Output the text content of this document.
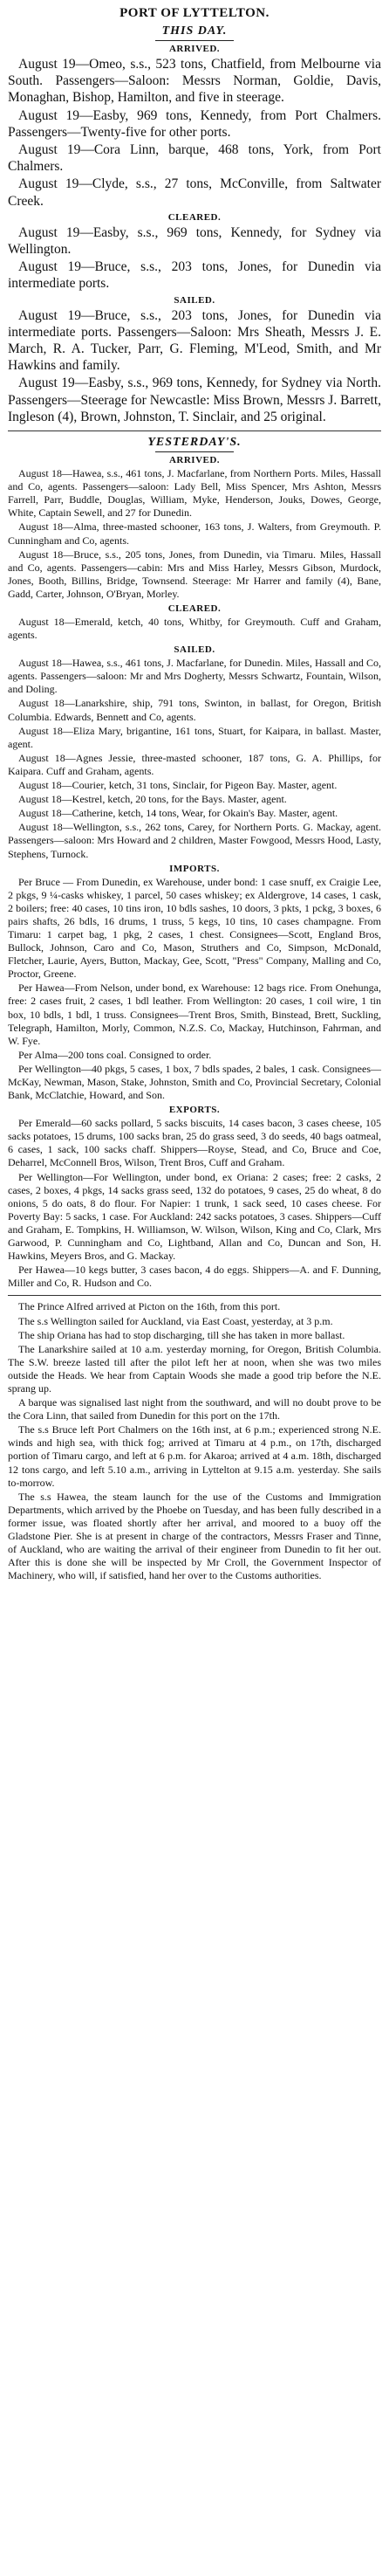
PORT OF LYTTELTON.
THIS DAY.
ARRIVED.
August 19—Omeo, s.s., 523 tons, Chatfield, from Melbourne via South. Passengers—Saloon: Messrs Norman, Goldie, Davis, Monaghan, Bishop, Hamilton, and five in steerage.
August 19—Easby, 969 tons, Kennedy, from Port Chalmers. Passengers—Twenty-five for other ports.
August 19—Cora Linn, barque, 468 tons, York, from Port Chalmers.
August 19—Clyde, s.s., 27 tons, McConville, from Saltwater Creek.
CLEARED.
August 19—Easby, s.s., 969 tons, Kennedy, for Sydney via Wellington.
August 19—Bruce, s.s., 203 tons, Jones, for Dunedin via intermediate ports.
SAILED.
August 19—Bruce, s.s., 203 tons, Jones, for Dunedin via intermediate ports. Passengers—Saloon: Mrs Sheath, Messrs J. E. March, R. A. Tucker, Parr, G. Fleming, M'Leod, Smith, and Mr Hawkins and family.
August 19—Easby, s.s., 969 tons, Kennedy, for Sydney via North. Passengers—Steerage for Newcastle: Miss Brown, Messrs J. Barrett, Ingleson (4), Brown, Johnston, T. Sinclair, and 25 original.
YESTERDAY'S.
ARRIVED.
August 18—Hawea, s.s., 461 tons, J. Macfarlane, from Northern Ports. Miles, Hassall and Co, agents. Passengers—saloon: Lady Bell, Miss Spencer, Mrs Ashton, Messrs Farrell, Parr, Buddle, Douglas, William, Myke, Henderson, Jouks, Dowes, George, White, Captain Sewell, and 27 for Dunedin.
August 18—Alma, three-masted schooner, 163 tons, J. Walters, from Greymouth. P. Cunningham and Co, agents.
August 18—Bruce, s.s., 205 tons, Jones, from Dunedin, via Timaru. Miles, Hassall and Co, agents. Passengers—cabin: Mrs and Miss Harley, Messrs Gibson, Murdock, Jones, Booth, Billins, Bridge, Townsend. Steerage: Mr Harrer and family (4), Bane, Gadd, Carter, Johnson, O'Bryan, Morley.
CLEARED.
August 18—Emerald, ketch, 40 tons, Whitby, for Greymouth. Cuff and Graham, agents.
SAILED.
August 18—Hawea, s.s., 461 tons, J. Macfarlane, for Dunedin. Miles, Hassall and Co, agents. Passengers—saloon: Mr and Mrs Dogherty, Messrs Schwartz, Fountain, Wilson, and Doling.
August 18—Lanarkshire, ship, 791 tons, Swinton, in ballast, for Oregon, British Columbia. Edwards, Bennett and Co, agents.
August 18—Eliza Mary, brigantine, 161 tons, Stuart, for Kaipara, in ballast. Master, agent.
August 18—Agnes Jessie, three-masted schooner, 187 tons, G. A. Phillips, for Kaipara. Cuff and Graham, agents.
August 18—Courier, ketch, 31 tons, Sinclair, for Pigeon Bay. Master, agent.
August 18—Kestrel, ketch, 20 tons, for the Bays. Master, agent.
August 18—Catherine, ketch, 14 tons, Wear, for Okain's Bay. Master, agent.
August 18—Wellington, s.s., 262 tons, Carey, for Northern Ports. G. Mackay, agent. Passengers—saloon: Mrs Howard and 2 children, Master Fowgood, Messrs Hood, Lasty, Stephens, Turnock.
IMPORTS.
Per Bruce — From Dunedin, ex Warehouse, under bond: 1 case snuff, ex Craigie Lee, 2 pkgs, 9 ¼-casks whiskey, 1 parcel, 50 cases whiskey; ex Aldergrove, 14 cases, 1 cask, 2 boilers; free: 40 cases, 10 tins iron, 10 bdls sashes, 10 doors, 3 pkts, 1 pckg, 3 boxes, 6 pairs shafts, 26 bdls, 16 drums, 1 truss, 5 kegs, 10 tins, 10 cases champagne. From Timaru: 1 carpet bag, 1 pkg, 2 cases, 1 chest. Consignees—Scott, England Bros, Bullock, Johnson, Caro and Co, Mason, Struthers and Co, Simpson, McDonald, Fletcher, Laurie, Ayers, Button, Mackay, Gee, Scott, "Press" Company, Malling and Co, Proctor, Greene.
Per Hawea—From Nelson, under bond, ex Warehouse: 12 bags rice. From Onehunga, free: 2 cases fruit, 2 cases, 1 bdl leather. From Wellington: 20 cases, 1 coil wire, 1 tin box, 10 bdls, 1 bdl, 1 truss. Consignees—Trent Bros, Smith, Binstead, Brett, Suckling, Telegraph, Hamilton, Morly, Common, N.Z.S. Co, Mackay, Hutchinson, Fahrman, and W. Fye.
Per Alma—200 tons coal. Consigned to order.
Per Wellington—40 pkgs, 5 cases, 1 box, 7 bdls spades, 2 bales, 1 cask. Consignees—McKay, Newman, Mason, Stake, Johnston, Smith and Co, Provincial Secretary, Colonial Bank, McClatchie, Howard, and Son.
EXPORTS.
Per Emerald—60 sacks pollard, 5 sacks biscuits, 14 cases bacon, 3 cases cheese, 105 sacks potatoes, 15 drums, 100 sacks bran, 25 do grass seed, 3 do seeds, 40 bags oatmeal, 6 cases, 1 sack, 100 sacks chaff. Shippers—Royse, Stead, and Co, Bruce and Coe, Deharrel, McConnell Bros, Wilson, Trent Bros, Cuff and Graham.
Per Wellington—For Wellington, under bond, ex Oriana: 2 cases; free: 2 casks, 2 cases, 2 boxes, 4 pkgs, 14 sacks grass seed, 132 do potatoes, 9 cases, 25 do wheat, 8 do onions, 5 do oats, 8 do flour. For Napier: 1 trunk, 1 sack seed, 10 cases cheese. For Poverty Bay: 5 sacks, 1 case. For Auckland: 242 sacks potatoes, 3 cases. Shippers—Cuff and Graham, E. Tompkins, H. Williamson, W. Wilson, Wilson, King and Co, Clark, Mrs Garwood, P. Cunningham and Co, Lightband, Allan and Co, Duncan and Son, H. Hawkins, Meyers Bros, and G. Mackay.
Per Hawea—10 kegs butter, 3 cases bacon, 4 do eggs. Shippers—A. and F. Dunning, Miller and Co, R. Hudson and Co.
The Prince Alfred arrived at Picton on the 16th, from this port.
The s.s Wellington sailed for Auckland, via East Coast, yesterday, at 3 p.m.
The ship Oriana has had to stop discharging, till she has taken in more ballast.
The Lanarkshire sailed at 10 a.m. yesterday morning, for Oregon, British Columbia. The S.W. breeze lasted till after the pilot left her at noon, when she was two miles outside the Heads. We hear from Captain Woods she made a good trip before the N.E. sprang up.
A barque was signalised last night from the southward, and will no doubt prove to be the Cora Linn, that sailed from Dunedin for this port on the 17th.
The s.s Bruce left Port Chalmers on the 16th inst, at 6 p.m.; experienced strong N.E. winds and high sea, with thick fog; arrived at Timaru at 4 p.m., on 17th, discharged portion of Timaru cargo, and left at 6 p.m. for Akaroa; arrived at 4 a.m. 18th, discharged 12 tons cargo, and left 5.10 a.m., arriving in Lyttelton at 9.15 a.m. yesterday. She sails to-morrow.
The s.s Hawea, the steam launch for the use of the Customs and Immigration Departments, which arrived by the Phoebe on Tuesday, and has been fully described in a former issue, was floated shortly after her arrival, and moored to a buoy off the Gladstone Pier. She is at present in charge of the contractors, Messrs Fraser and Tinne, of Auckland, who are waiting the arrival of their engineer from Dunedin to fit her out. After this is done she will be inspected by Mr Croll, the Government Inspector of Machinery, who will, if satisfied, hand her over to the Customs authorities.
